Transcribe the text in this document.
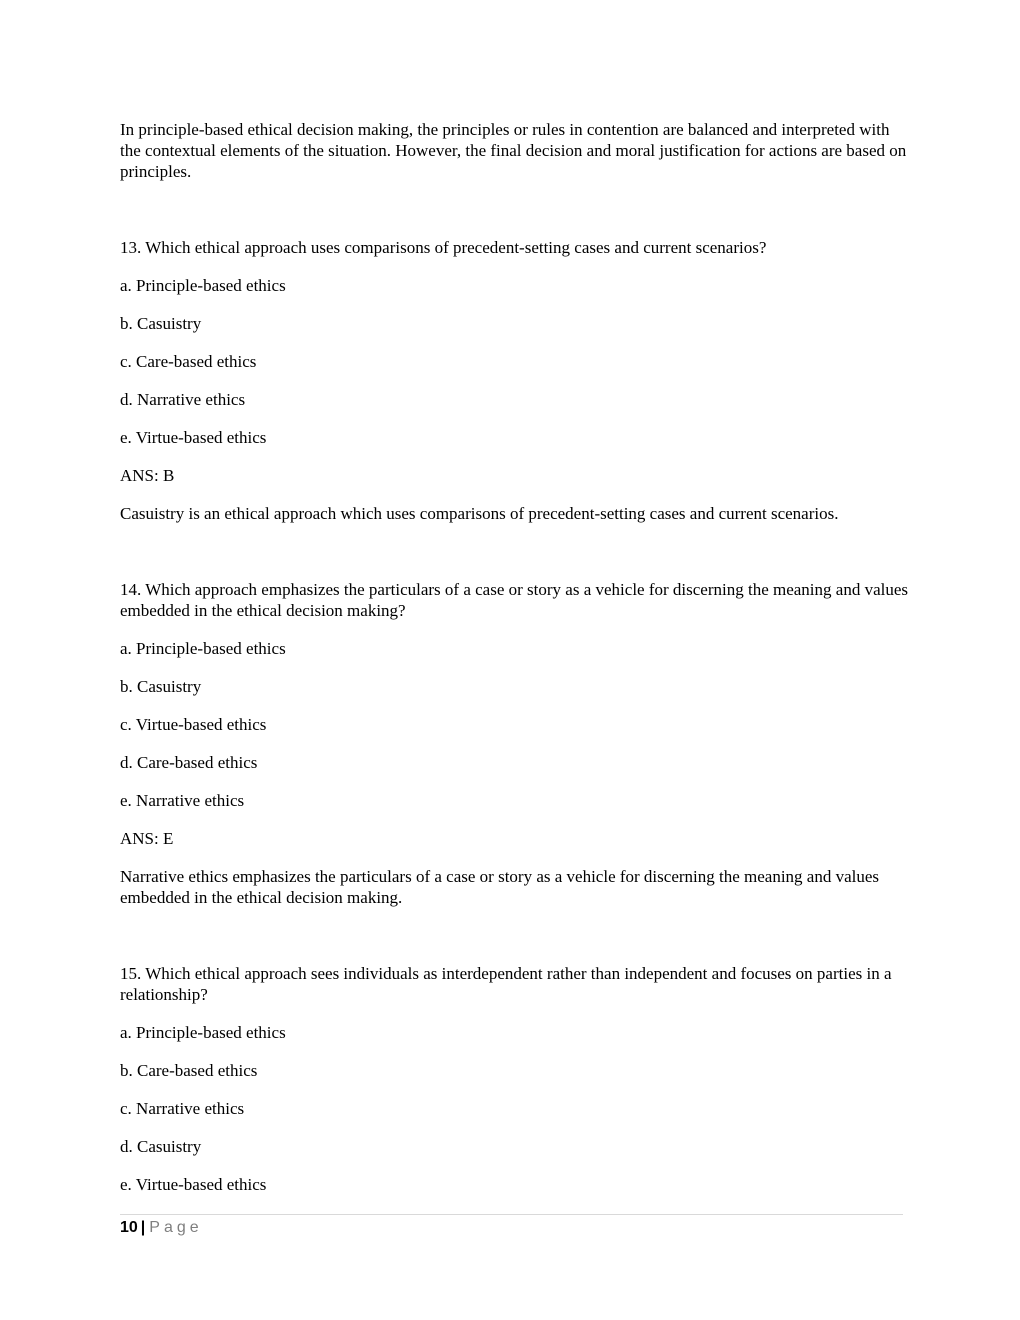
In principle-based ethical decision making, the principles or rules in contention are balanced and interpreted with the contextual elements of the situation. However, the final decision and moral justification for actions are based on principles.

13. Which ethical approach uses comparisons of precedent-setting cases and current scenarios?

a. Principle-based ethics

b. Casuistry

c. Care-based ethics

d. Narrative ethics

e. Virtue-based ethics

ANS: B

Casuistry is an ethical approach which uses comparisons of precedent-setting cases and current scenarios.

14. Which approach emphasizes the particulars of a case or story as a vehicle for discerning the meaning and values embedded in the ethical decision making?

a. Principle-based ethics

b. Casuistry

c. Virtue-based ethics

d. Care-based ethics

e. Narrative ethics

ANS: E

Narrative ethics emphasizes the particulars of a case or story as a vehicle for discerning the meaning and values embedded in the ethical decision making.

15. Which ethical approach sees individuals as interdependent rather than independent and focuses on parties in a relationship?

a. Principle-based ethics

b. Care-based ethics

c. Narrative ethics

d. Casuistry

e. Virtue-based ethics

10 | Page
